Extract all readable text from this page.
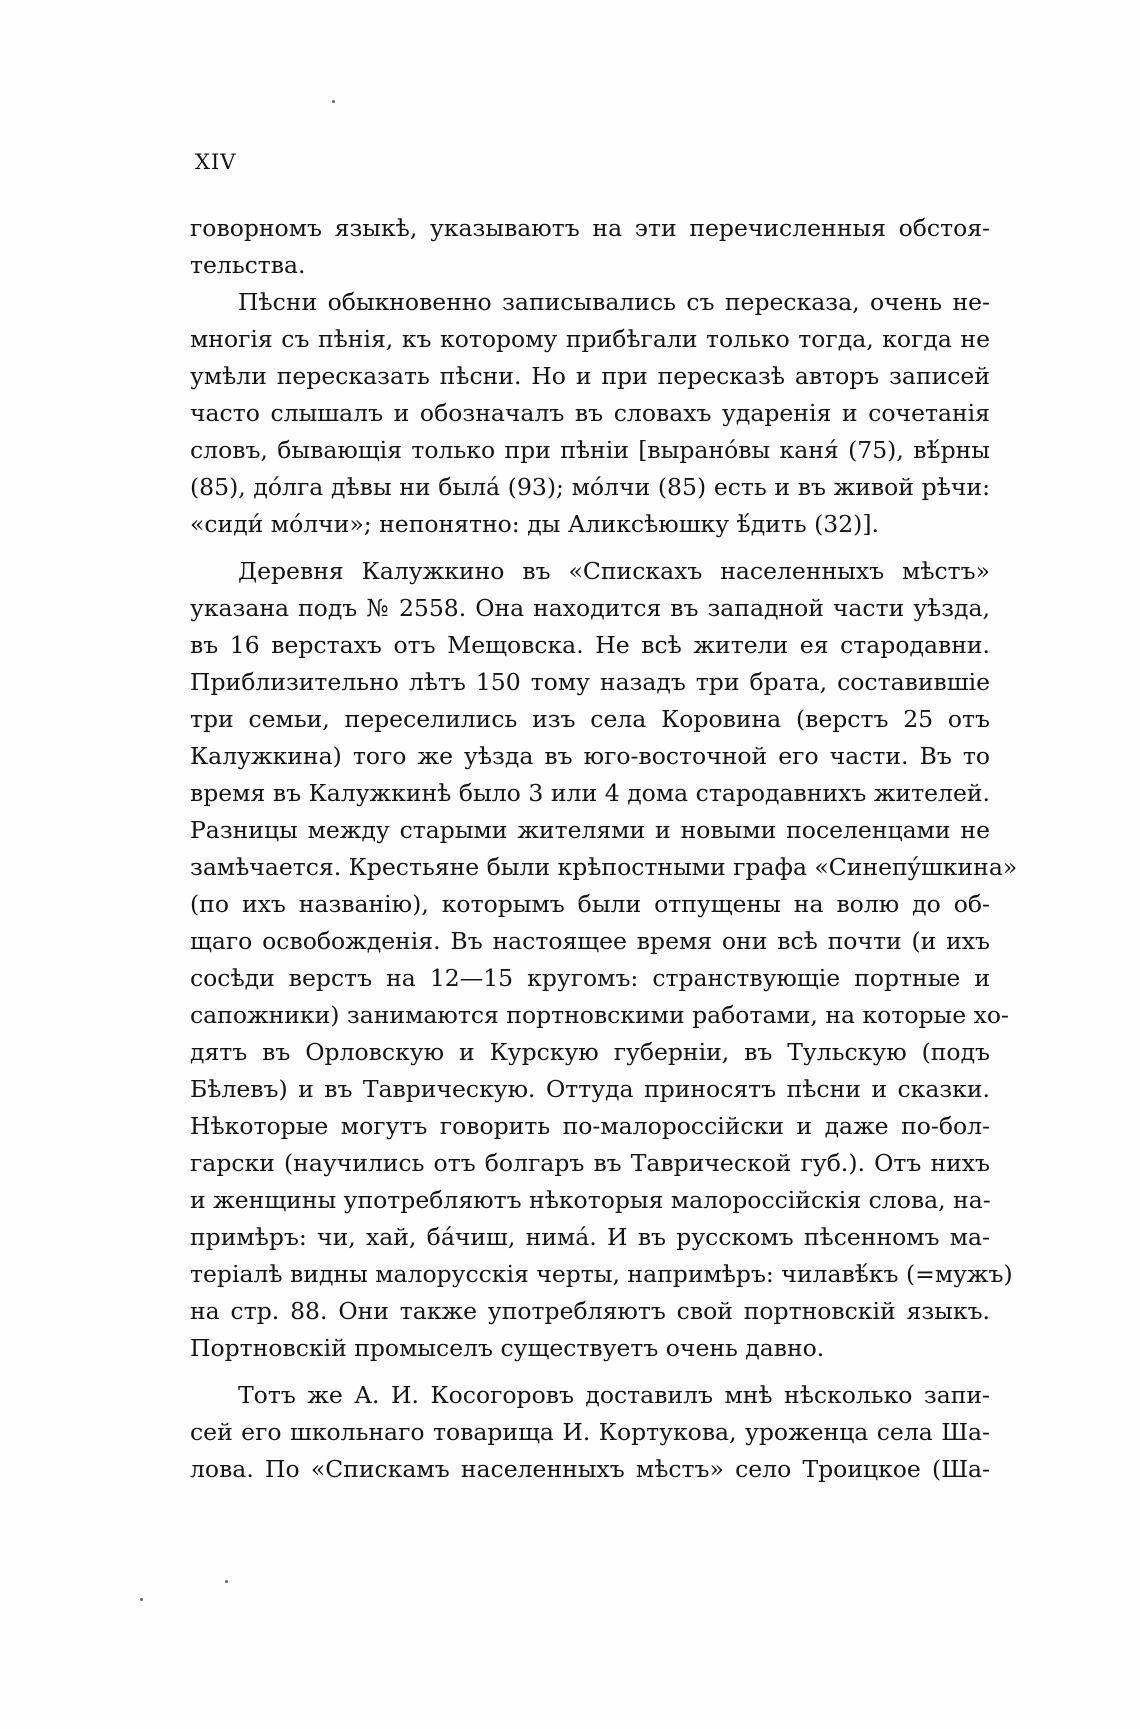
XIV
говорномъ языкѣ, указываютъ на эти перечисленныя обстоя-
тельства.
Пѣсни обыкновенно записывались съ пересказа, очень не-
многія съ пѣнія, къ которому прибѣгали только тогда, когда не
умѣли пересказать пѣсни. Но и при пересказѣ авторъ записей
часто слышалъ и обозначалъ въ словахъ ударенія и сочетанія
словъ, бывающія только при пѣніи [выранóвы каня́ (75), вѣ́рны
(85), дóлга дѣвы ни былá (93); мóлчи (85) есть и въ живой рѣчи:
«сиди́ мóлчи»; непонятно: ды Аликсѣюшку ѣ́дить (32)].
Деревня Калужкино въ «Спискахъ населенныхъ мѣстъ»
указана подъ № 2558. Она находится въ западной части уѣзда,
въ 16 верстахъ отъ Мещовска. Не всѣ жители ея стародавни.
Приблизительно лѣтъ 150 тому назадъ три брата, составившіе
три семьи, переселились изъ села Коровина (верстъ 25 отъ
Калужкина) того же уѣзда въ юго-восточной его части. Въ то
время въ Калужкинѣ было 3 или 4 дома стародавнихъ жителей.
Разницы между старыми жителями и новыми поселенцами не
замѣчается. Крестьяне были крѣпостными графа «Синепýшкина»
(по ихъ названію), которымъ были отпущены на волю до об-
щаго освобожденія. Въ настоящее время они всѣ почти (и ихъ
сосѣди верстъ на 12—15 кругомъ: странствующіе портные и
сапожники) занимаются портновскими работами, на которые хо-
дятъ въ Орловскую и Курскую губерніи, въ Тульскую (подъ
Бѣлевъ) и въ Таврическую. Оттуда приносятъ пѣсни и сказки.
Нѣкоторые могутъ говорить по-малороссійски и даже по-бол-
гарски (научились отъ болгаръ въ Таврической губ.). Отъ нихъ
и женщины употребляютъ нѣкоторыя малороссійскія слова, на-
примѣръ: чи, хай, бáчиш, нимá. И въ русскомъ пѣсенномъ ма-
теріалѣ видны малорусскія черты, напримѣръ: чилавѣ́къ (=мужъ)
на стр. 88. Они также употребляютъ свой портновскій языкъ.
Портновскій промыселъ существуетъ очень давно.
Тотъ же А. И. Косогоровъ доставилъ мнѣ нѣсколько запи-
сей его школьнаго товарища И. Кортукова, уроженца села Ша-
лова. По «Спискамъ населенныхъ мѣстъ» село Троицкое (Ша-
